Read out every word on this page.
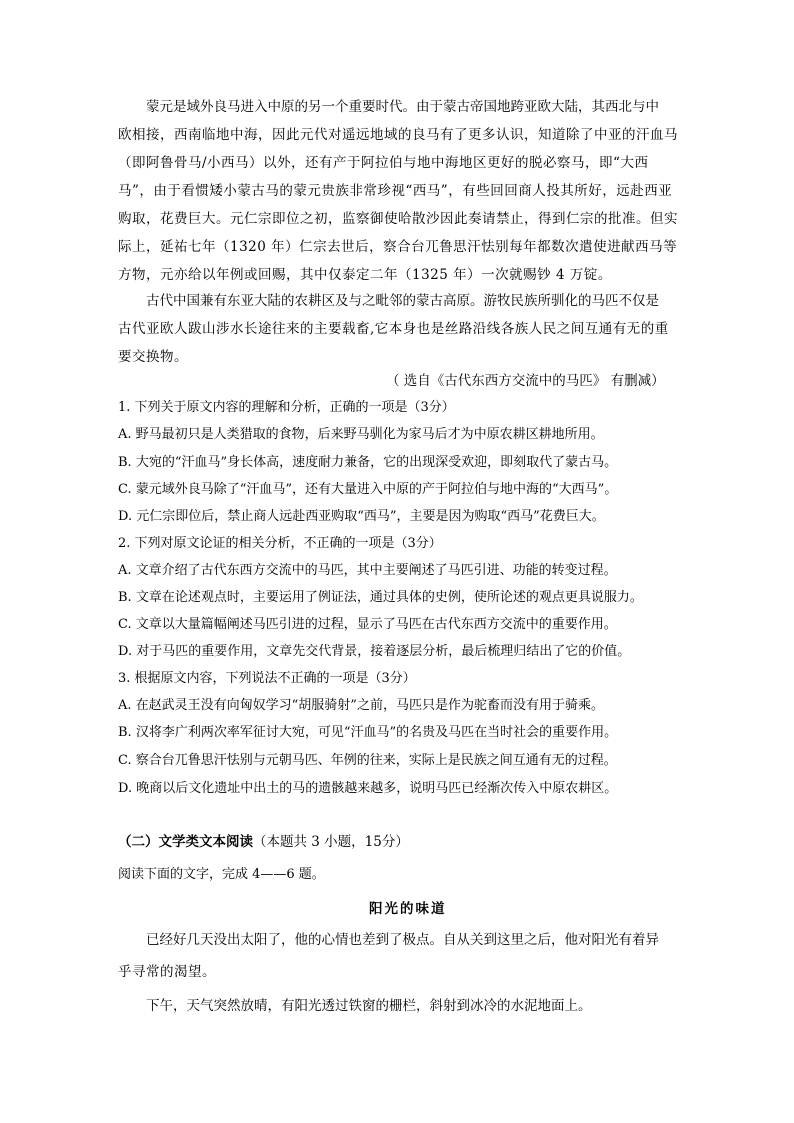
蒙元是域外良马进入中原的另一个重要时代。由于蒙古帝国地跨亚欧大陆，其西北与中
欧相接，西南临地中海，因此元代对遥远地域的良马有了更多认识，知道除了中亚的汗血马
（即阿鲁骨马/小西马）以外，还有产于阿拉伯与地中海地区更好的脱必察马，即“大西
马”，由于看惯矮小蒙古马的蒙元贵族非常珍视“西马”，有些回回商人投其所好，远赴西亚
购取，花费巨大。元仁宗即位之初，监察御使哈散沙因此奏请禁止，得到仁宗的批准。但实
际上，延祐七年（1320 年）仁宗去世后，察合台兀鲁思汗怯别每年都数次遣使进献西马等
方物，元亦给以年例或回赐，其中仅泰定二年（1325 年）一次就赐钞 4 万锭。
古代中国兼有东亚大陆的农耕区及与之毗邻的蒙古高原。游牧民族所驯化的马匹不仅是
古代亚欧人跋山涉水长途往来的主要载畜,它本身也是丝路沿线各族人民之间互通有无的重
要交换物。
（ 选自《古代东西方交流中的马匹》 有删减）
1. 下列关于原文内容的理解和分析，正确的一项是（3分）
A. 野马最初只是人类猎取的食物，后来野马驯化为家马后才为中原农耕区耕地所用。
B. 大宛的“汗血马”身长体高，速度耐力兼备，它的出现深受欢迎，即刻取代了蒙古马。
C. 蒙元域外良马除了“汗血马”，还有大量进入中原的产于阿拉伯与地中海的“大西马”。
D. 元仁宗即位后，禁止商人远赴西亚购取“西马”，主要是因为购取“西马”花费巨大。
2. 下列对原文论证的相关分析，不正确的一项是（3分）
A. 文章介绍了古代东西方交流中的马匹，其中主要阐述了马匹引进、功能的转变过程。
B. 文章在论述观点时，主要运用了例证法，通过具体的史例，使所论述的观点更具说服力。
C. 文章以大量篇幅阐述马匹引进的过程，显示了马匹在古代东西方交流中的重要作用。
D. 对于马匹的重要作用，文章先交代背景，接着逐层分析，最后梳理归结出了它的价值。
3. 根据原文内容，下列说法不正确的一项是（3分）
A. 在赵武灵王没有向匈奴学习“胡服骑射”之前，马匹只是作为驼畜而没有用于骑乘。
B. 汉将李广利两次率军征讨大宛，可见“汗血马”的名贵及马匹在当时社会的重要作用。
C. 察合台兀鲁思汗怯别与元朝马匹、年例的往来，实际上是民族之间互通有无的过程。
D. 晚商以后文化遗址中出土的马的遗骸越来越多，说明马匹已经渐次传入中原农耕区。
（二）文学类文本阅读（本题共 3 小题，15分）
阅读下面的文字，完成 4——6 题。
阳光的味道
已经好几天没出太阳了，他的心情也差到了极点。自从关到这里之后，他对阳光有着异
乎寻常的渴望。
下午，天气突然放晴，有阳光透过铁窗的栅栏，斜射到冰冷的水泥地面上。
